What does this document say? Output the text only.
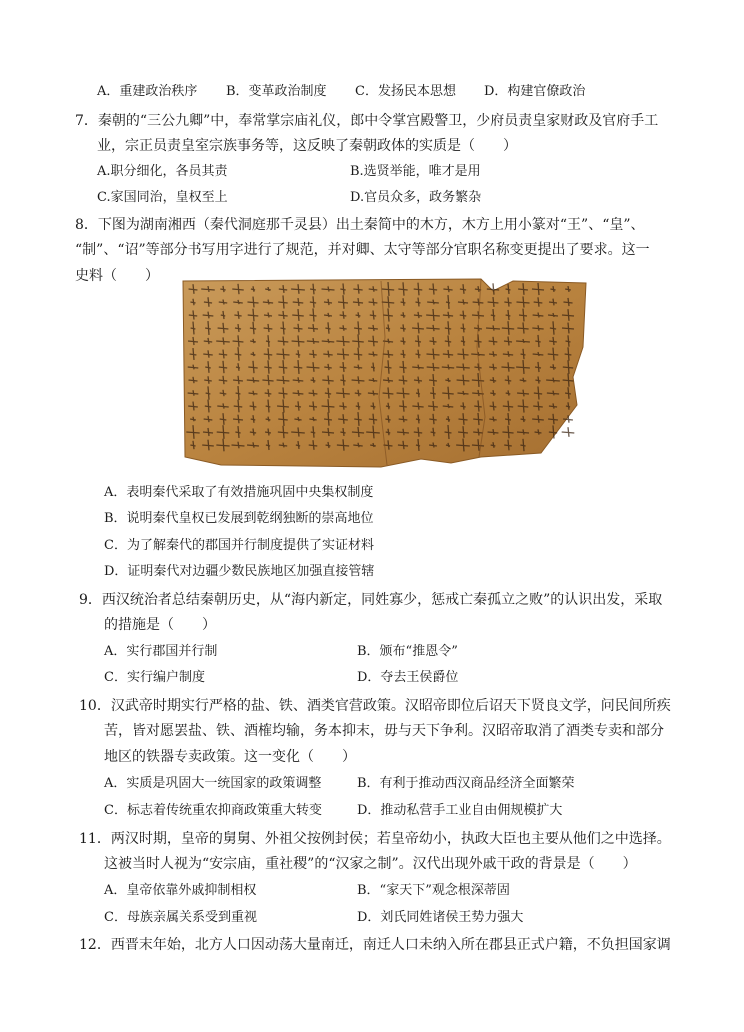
A．重建政治秩序 B．变革政治制度 C．发扬民本思想 D．构建官僚政治
7．秦朝的“三公九卿”中，奉常掌宗庙礼仪，郎中令掌宫殿警卫，少府员责皇家财政及官府手工
业，宗正员责皇室宗族事务等，这反映了秦朝政体的实质是（　　）
A.职分细化，各员其责	B.选贤举能，唯才是用
C.家国同治，皇权至上	D.官员众多，政务繁杂
8．下图为湖南湘西（秦代洞庭那千灵县）出土秦简中的木方，木方上用小篆对“王”、“皇”、
“制”、“诏”等部分书写用字进行了规范，并对卿、太守等部分官职名称变更提出了要求。这一
史料（　　）
A．表明秦代采取了有效措施巩固中央集权制度
B．说明秦代皇权已发展到乾纲独断的崇高地位
C．为了解秦代的郡国并行制度提供了实证材料
D．证明秦代对边疆少数民族地区加强直接管辖
9．西汉统治者总结秦朝历史，从“海内新定，同姓寡少，惩戒亡秦孤立之败”的认识出发，采取
的措施是（　　）
A．实行郡国并行制	B．颁布“推恩令”
C．实行编户制度	D．夺去王侯爵位
10．汉武帝时期实行严格的盐、铁、酒类官营政策。汉昭帝即位后诏天下贤良文学，问民间所疾
苦，皆对愿罢盐、铁、酒榷均输，务本抑末，毋与天下争利。汉昭帝取消了酒类专卖和部分
地区的铁器专卖政策。这一变化（　　）
A．实质是巩固大一统国家的政策调整	B．有利于推动西汉商品经济全面繁荣
C．标志着传统重农抑商政策重大转变	D．推动私营手工业自由佣规模扩大
11．两汉时期，皇帝的舅舅、外祖父按例封侯；若皇帝幼小，执政大臣也主要从他们之中选择。
这被当时人视为“安宗庙，重社稷”的“汉家之制”。汉代出现外戚干政的背景是（　　）
A．皇帝依靠外戚抑制相权	B．“家天下”观念根深蒂固
C．母族亲属关系受到重视	D．刘氏同姓诸侯王势力强大
12．西晋末年始，北方人口因动荡大量南迁，南迁人口未纳入所在郡县正式户籍，不负担国家调
